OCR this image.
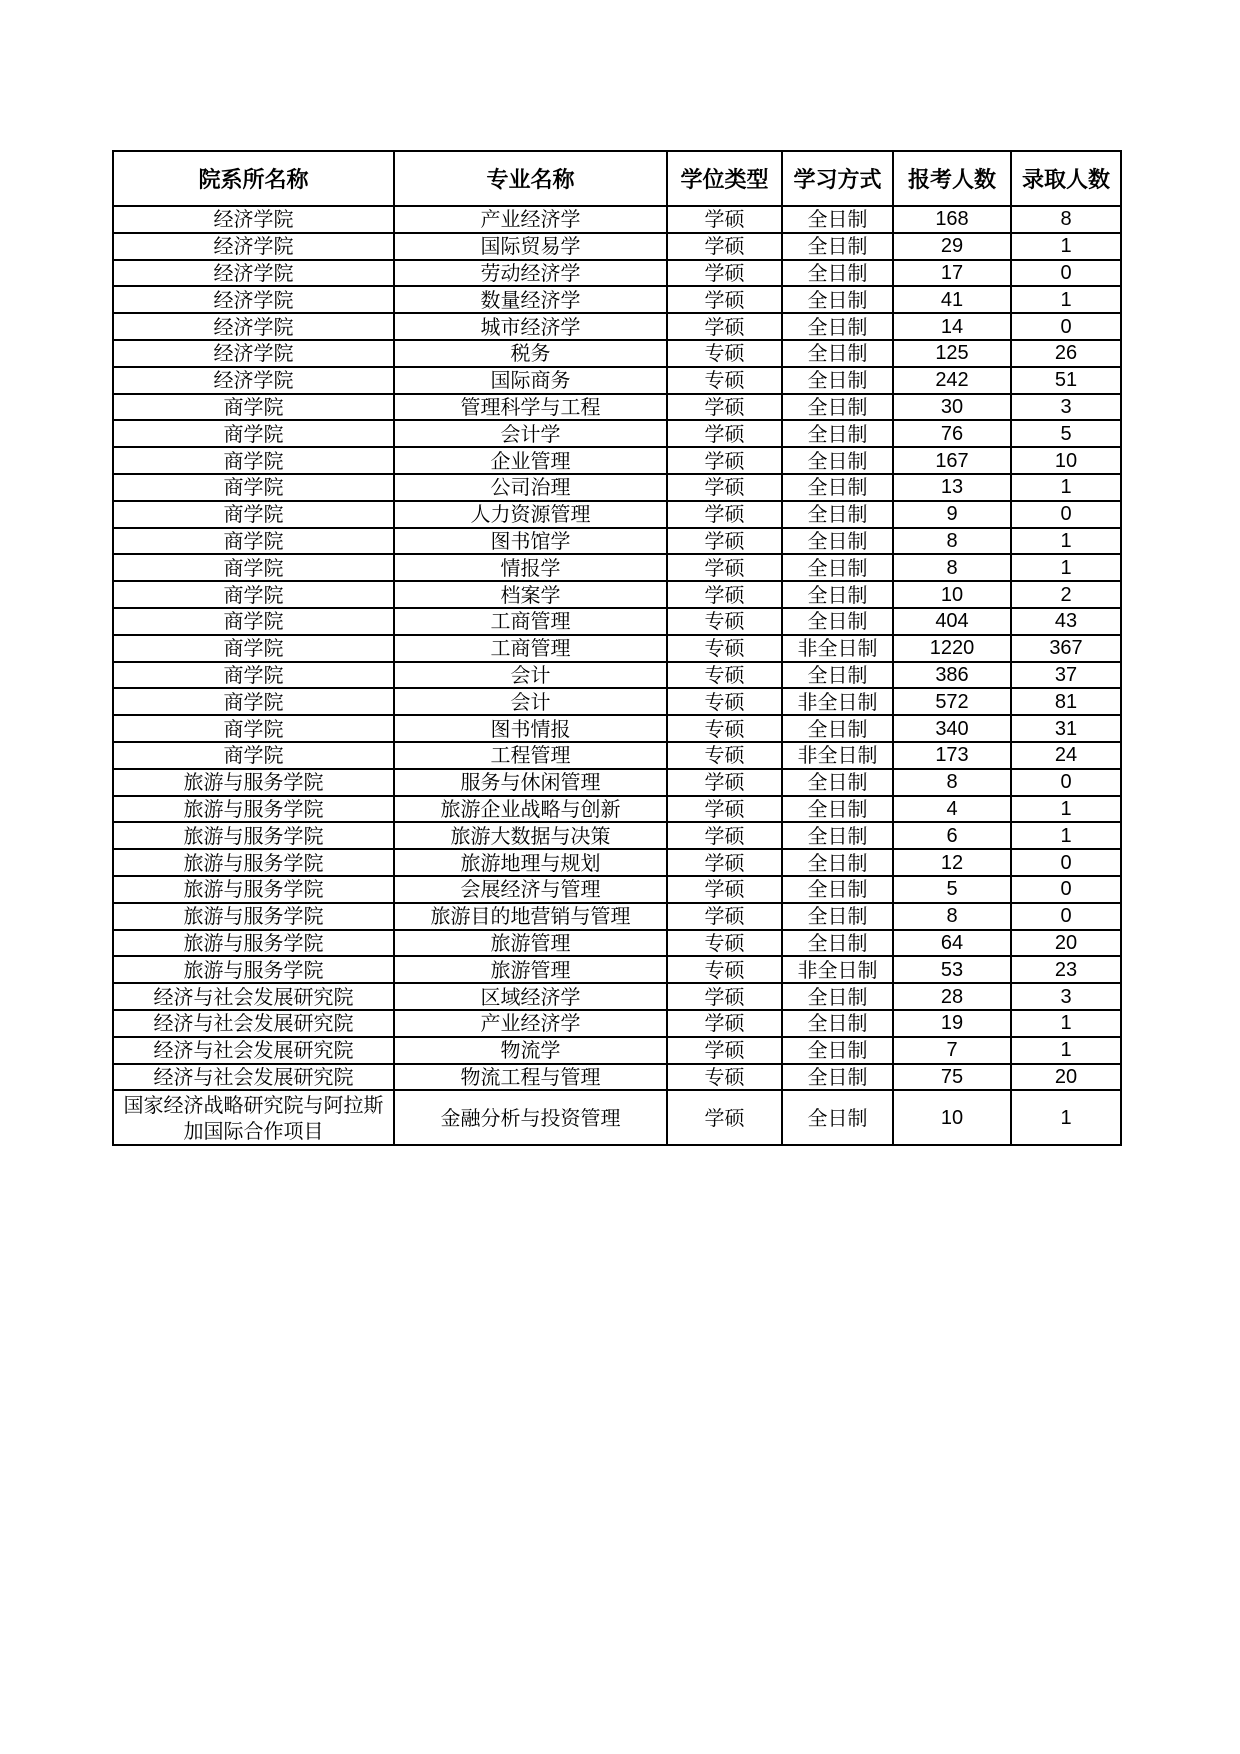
院系所名称	专业名称	学位类型	学习方式	报考人数	录取人数
经济学院	产业经济学	学硕	全日制	168	8
经济学院	国际贸易学	学硕	全日制	29	1
经济学院	劳动经济学	学硕	全日制	17	0
经济学院	数量经济学	学硕	全日制	41	1
经济学院	城市经济学	学硕	全日制	14	0
经济学院	税务	专硕	全日制	125	26
经济学院	国际商务	专硕	全日制	242	51
商学院	管理科学与工程	学硕	全日制	30	3
商学院	会计学	学硕	全日制	76	5
商学院	企业管理	学硕	全日制	167	10
商学院	公司治理	学硕	全日制	13	1
商学院	人力资源管理	学硕	全日制	9	0
商学院	图书馆学	学硕	全日制	8	1
商学院	情报学	学硕	全日制	8	1
商学院	档案学	学硕	全日制	10	2
商学院	工商管理	专硕	全日制	404	43
商学院	工商管理	专硕	非全日制	1220	367
商学院	会计	专硕	全日制	386	37
商学院	会计	专硕	非全日制	572	81
商学院	图书情报	专硕	全日制	340	31
商学院	工程管理	专硕	非全日制	173	24
旅游与服务学院	服务与休闲管理	学硕	全日制	8	0
旅游与服务学院	旅游企业战略与创新	学硕	全日制	4	1
旅游与服务学院	旅游大数据与决策	学硕	全日制	6	1
旅游与服务学院	旅游地理与规划	学硕	全日制	12	0
旅游与服务学院	会展经济与管理	学硕	全日制	5	0
旅游与服务学院	旅游目的地营销与管理	学硕	全日制	8	0
旅游与服务学院	旅游管理	专硕	全日制	64	20
旅游与服务学院	旅游管理	专硕	非全日制	53	23
经济与社会发展研究院	区域经济学	学硕	全日制	28	3
经济与社会发展研究院	产业经济学	学硕	全日制	19	1
经济与社会发展研究院	物流学	学硕	全日制	7	1
经济与社会发展研究院	物流工程与管理	专硕	全日制	75	20
国家经济战略研究院与阿拉斯加国际合作项目	金融分析与投资管理	学硕	全日制	10	1
